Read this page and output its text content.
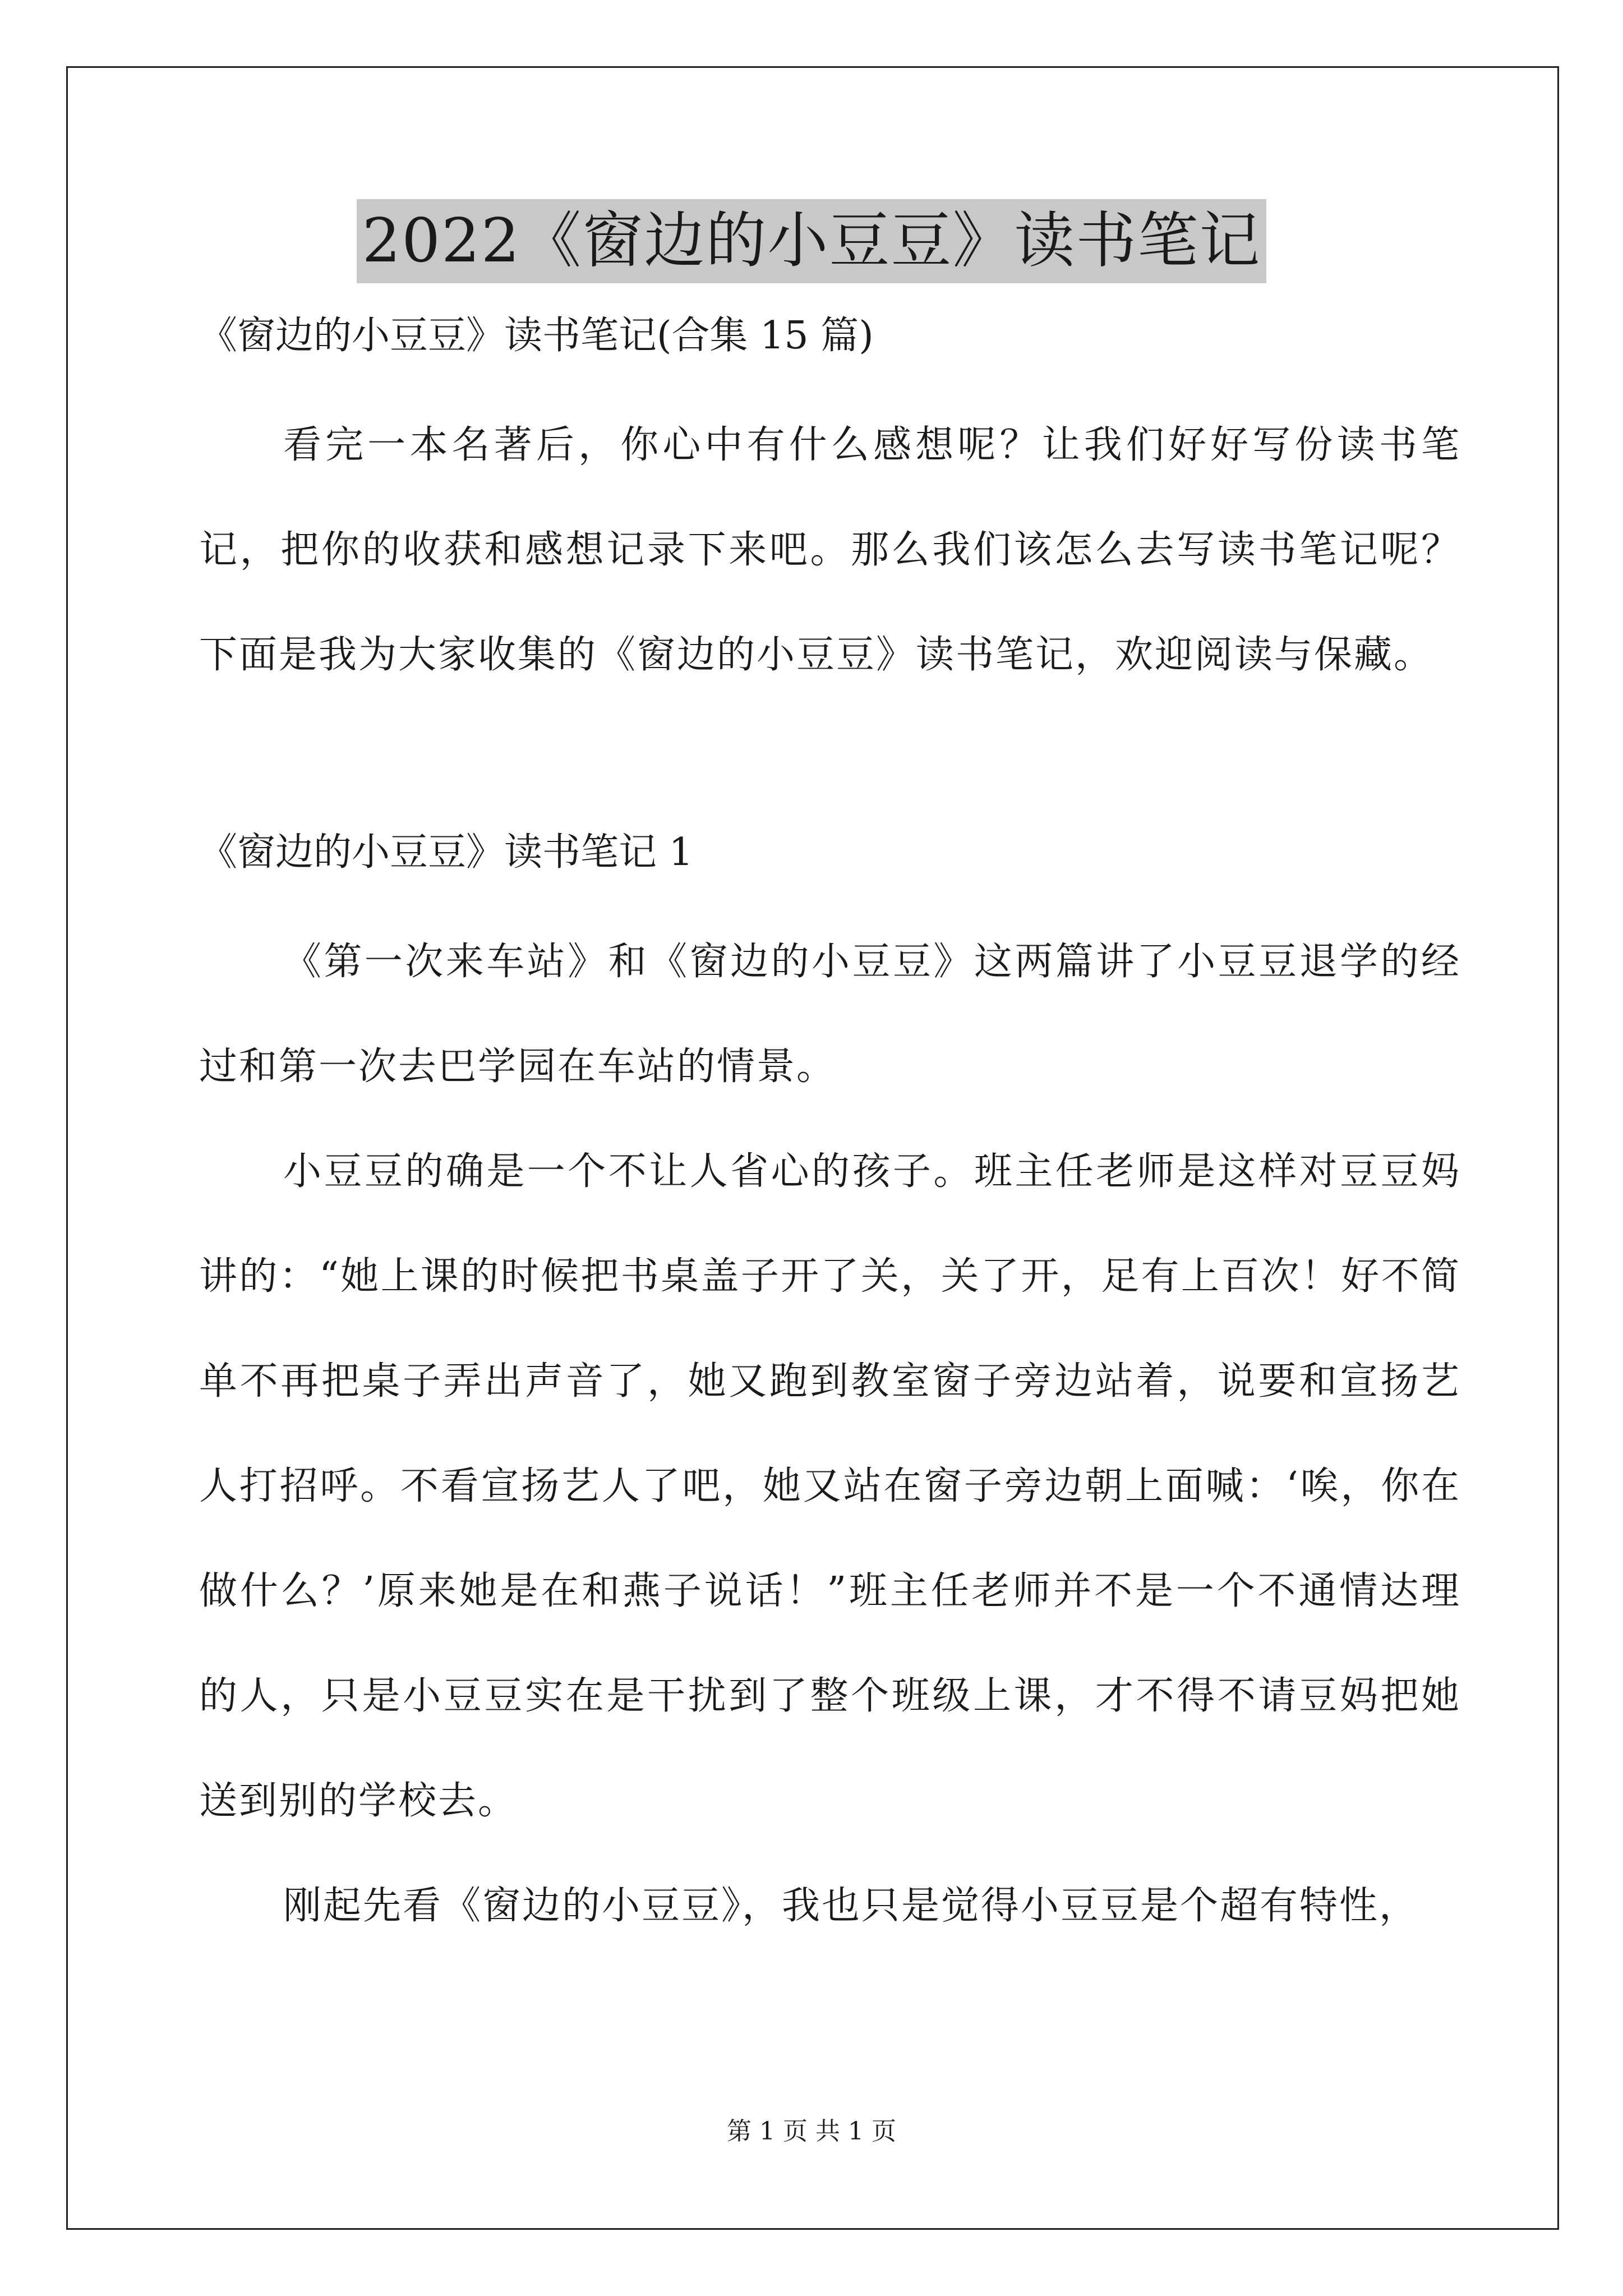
2022《窗边的小豆豆》读书笔记

《窗边的小豆豆》读书笔记(合集 15 篇)

看完一本名著后，你心中有什么感想呢？让我们好好写份读书笔记，把你的收获和感想记录下来吧。那么我们该怎么去写读书笔记呢？下面是我为大家收集的《窗边的小豆豆》读书笔记，欢迎阅读与保藏。

《窗边的小豆豆》读书笔记 1

《第一次来车站》和《窗边的小豆豆》这两篇讲了小豆豆退学的经过和第一次去巴学园在车站的情景。

小豆豆的确是一个不让人省心的孩子。班主任老师是这样对豆豆妈讲的：“她上课的时候把书桌盖子开了关，关了开，足有上百次！好不简单不再把桌子弄出声音了，她又跑到教室窗子旁边站着，说要和宣扬艺人打招呼。不看宣扬艺人了吧，她又站在窗子旁边朝上面喊：‘唉，你在做什么？’原来她是在和燕子说话！”班主任老师并不是一个不通情达理的人，只是小豆豆实在是干扰到了整个班级上课，才不得不请豆妈把她送到别的学校去。

刚起先看《窗边的小豆豆》，我也只是觉得小豆豆是个超有特性，

第 1 页 共 1 页
